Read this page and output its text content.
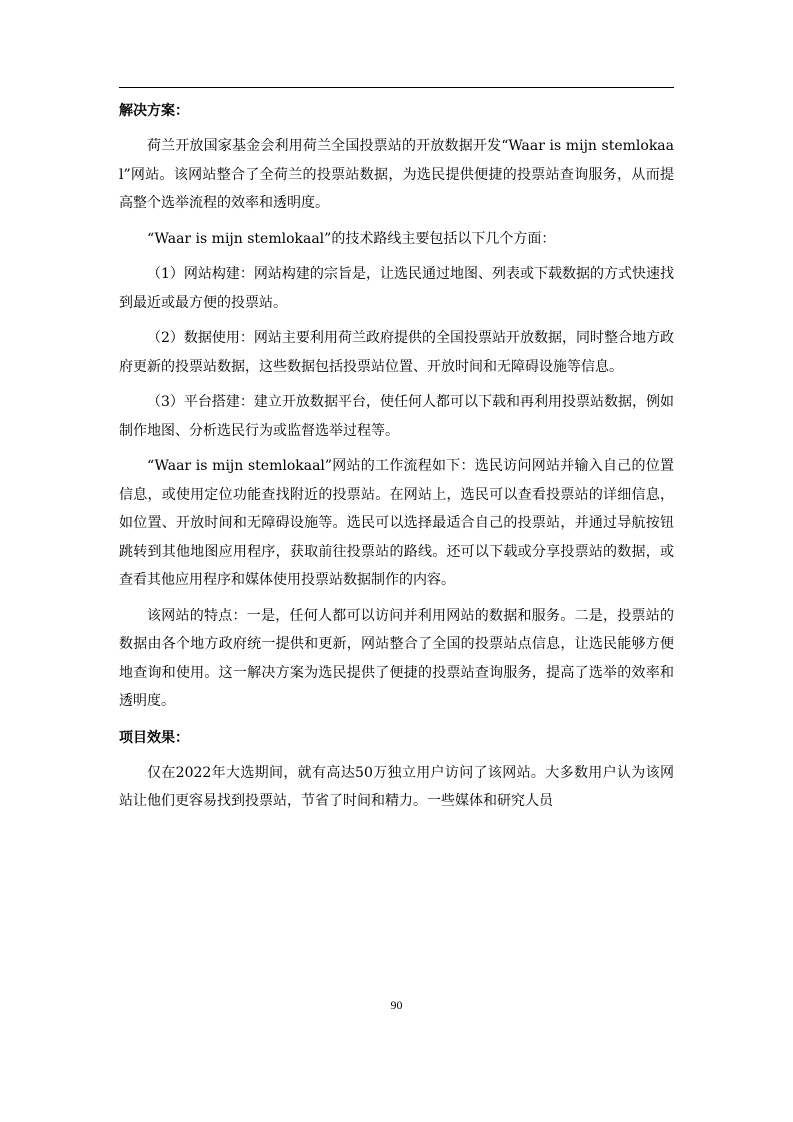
解决方案：

荷兰开放国家基金会利用荷兰全国投票站的开放数据开发“Waar is mijn stemlokaal”网站。该网站整合了全荷兰的投票站数据，为选民提供便捷的投票站查询服务，从而提高整个选举流程的效率和透明度。

“Waar is mijn stemlokaal”的技术路线主要包括以下几个方面：

（1）网站构建：网站构建的宗旨是，让选民通过地图、列表或下载数据的方式快速找到最近或最方便的投票站。

（2）数据使用：网站主要利用荷兰政府提供的全国投票站开放数据，同时整合地方政府更新的投票站数据，这些数据包括投票站位置、开放时间和无障碍设施等信息。

（3）平台搭建：建立开放数据平台，使任何人都可以下载和再利用投票站数据，例如制作地图、分析选民行为或监督选举过程等。

“Waar is mijn stemlokaal”网站的工作流程如下：选民访问网站并输入自己的位置信息，或使用定位功能查找附近的投票站。在网站上，选民可以查看投票站的详细信息，如位置、开放时间和无障碍设施等。选民可以选择最适合自己的投票站，并通过导航按钮跳转到其他地图应用程序，获取前往投票站的路线。还可以下载或分享投票站的数据，或查看其他应用程序和媒体使用投票站数据制作的内容。

该网站的特点：一是，任何人都可以访问并利用网站的数据和服务。二是，投票站的数据由各个地方政府统一提供和更新，网站整合了全国的投票站点信息，让选民能够方便地查询和使用。这一解决方案为选民提供了便捷的投票站查询服务，提高了选举的效率和透明度。

项目效果：

仅在2022年大选期间，就有高达50万独立用户访问了该网站。大多数用户认为该网站让他们更容易找到投票站，节省了时间和精力。一些媒体和研究人员

90
